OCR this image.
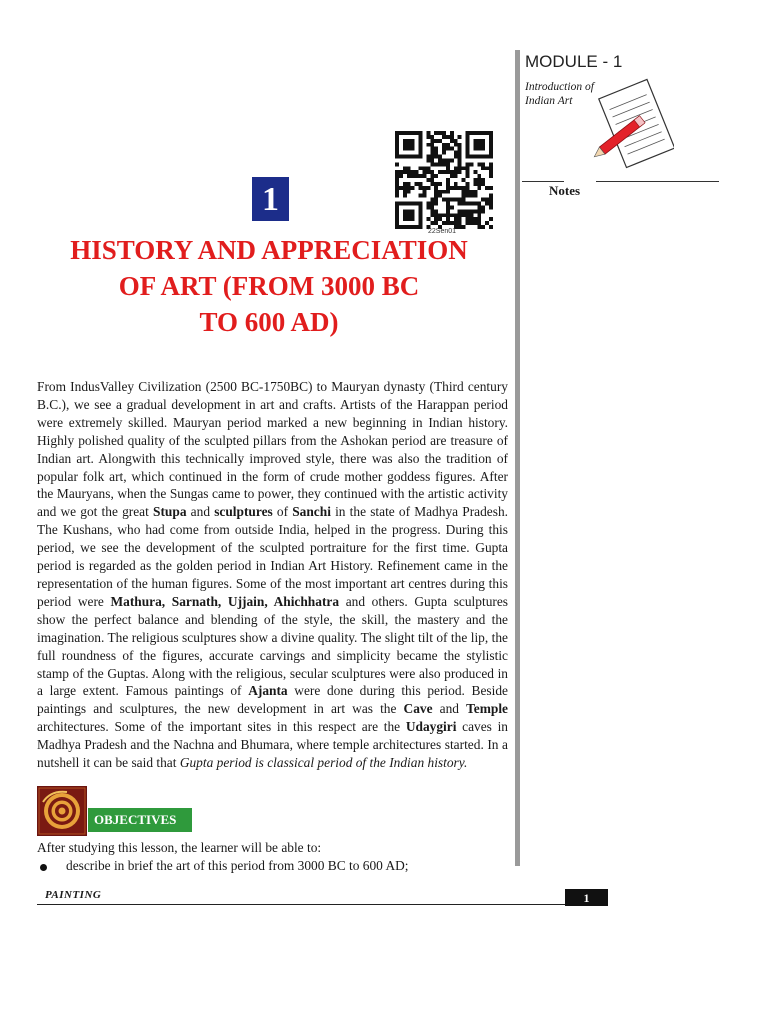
MODULE - 1
Introduction of
Indian Art
Notes
22Sen01
1
HISTORY AND APPRECIATION
OF ART (FROM 3000 BC
TO 600 AD)
From IndusValley Civilization (2500 BC-1750BC) to Mauryan dynasty (Third century B.C.), we see a gradual development in art and crafts. Artists of the Harappan period were extremely skilled. Mauryan period marked a new beginning in Indian history. Highly polished quality of the sculpted pillars from the Ashokan period are treasure of Indian art. Alongwith this technically improved style, there was also the tradition of popular folk art, which continued in the form of crude mother goddess figures. After the Mauryans, when the Sungas came to power, they continued with the artistic activity and we got the great Stupa and sculptures of Sanchi in the state of Madhya Pradesh. The Kushans, who had come from outside India, helped in the progress. During this period, we see the development of the sculpted portraiture for the first time. Gupta period is regarded as the golden period in Indian Art History. Refinement came in the representation of the human figures. Some of the most important art centres during this period were Mathura, Sarnath, Ujjain, Ahichhatra and others. Gupta sculptures show the perfect balance and blending of the style, the skill, the mastery and the imagination. The religious sculptures show a divine quality. The slight tilt of the lip, the full roundness of the figures, accurate carvings and simplicity became the stylistic stamp of the Guptas. Along with the religious, secular sculptures were also produced in a large extent. Famous paintings of Ajanta were done during this period. Beside paintings and sculptures, the new development in art was the Cave and Temple architectures. Some of the important sites in this respect are the Udaygiri caves in Madhya Pradesh and the Nachna and Bhumara, where temple architectures started. In a nutshell it can be said that Gupta period is classical period of the Indian history.
OBJECTIVES
After studying this lesson, the learner will be able to:
describe in brief the art of this period from 3000 BC to 600 AD;
PAINTING	1
